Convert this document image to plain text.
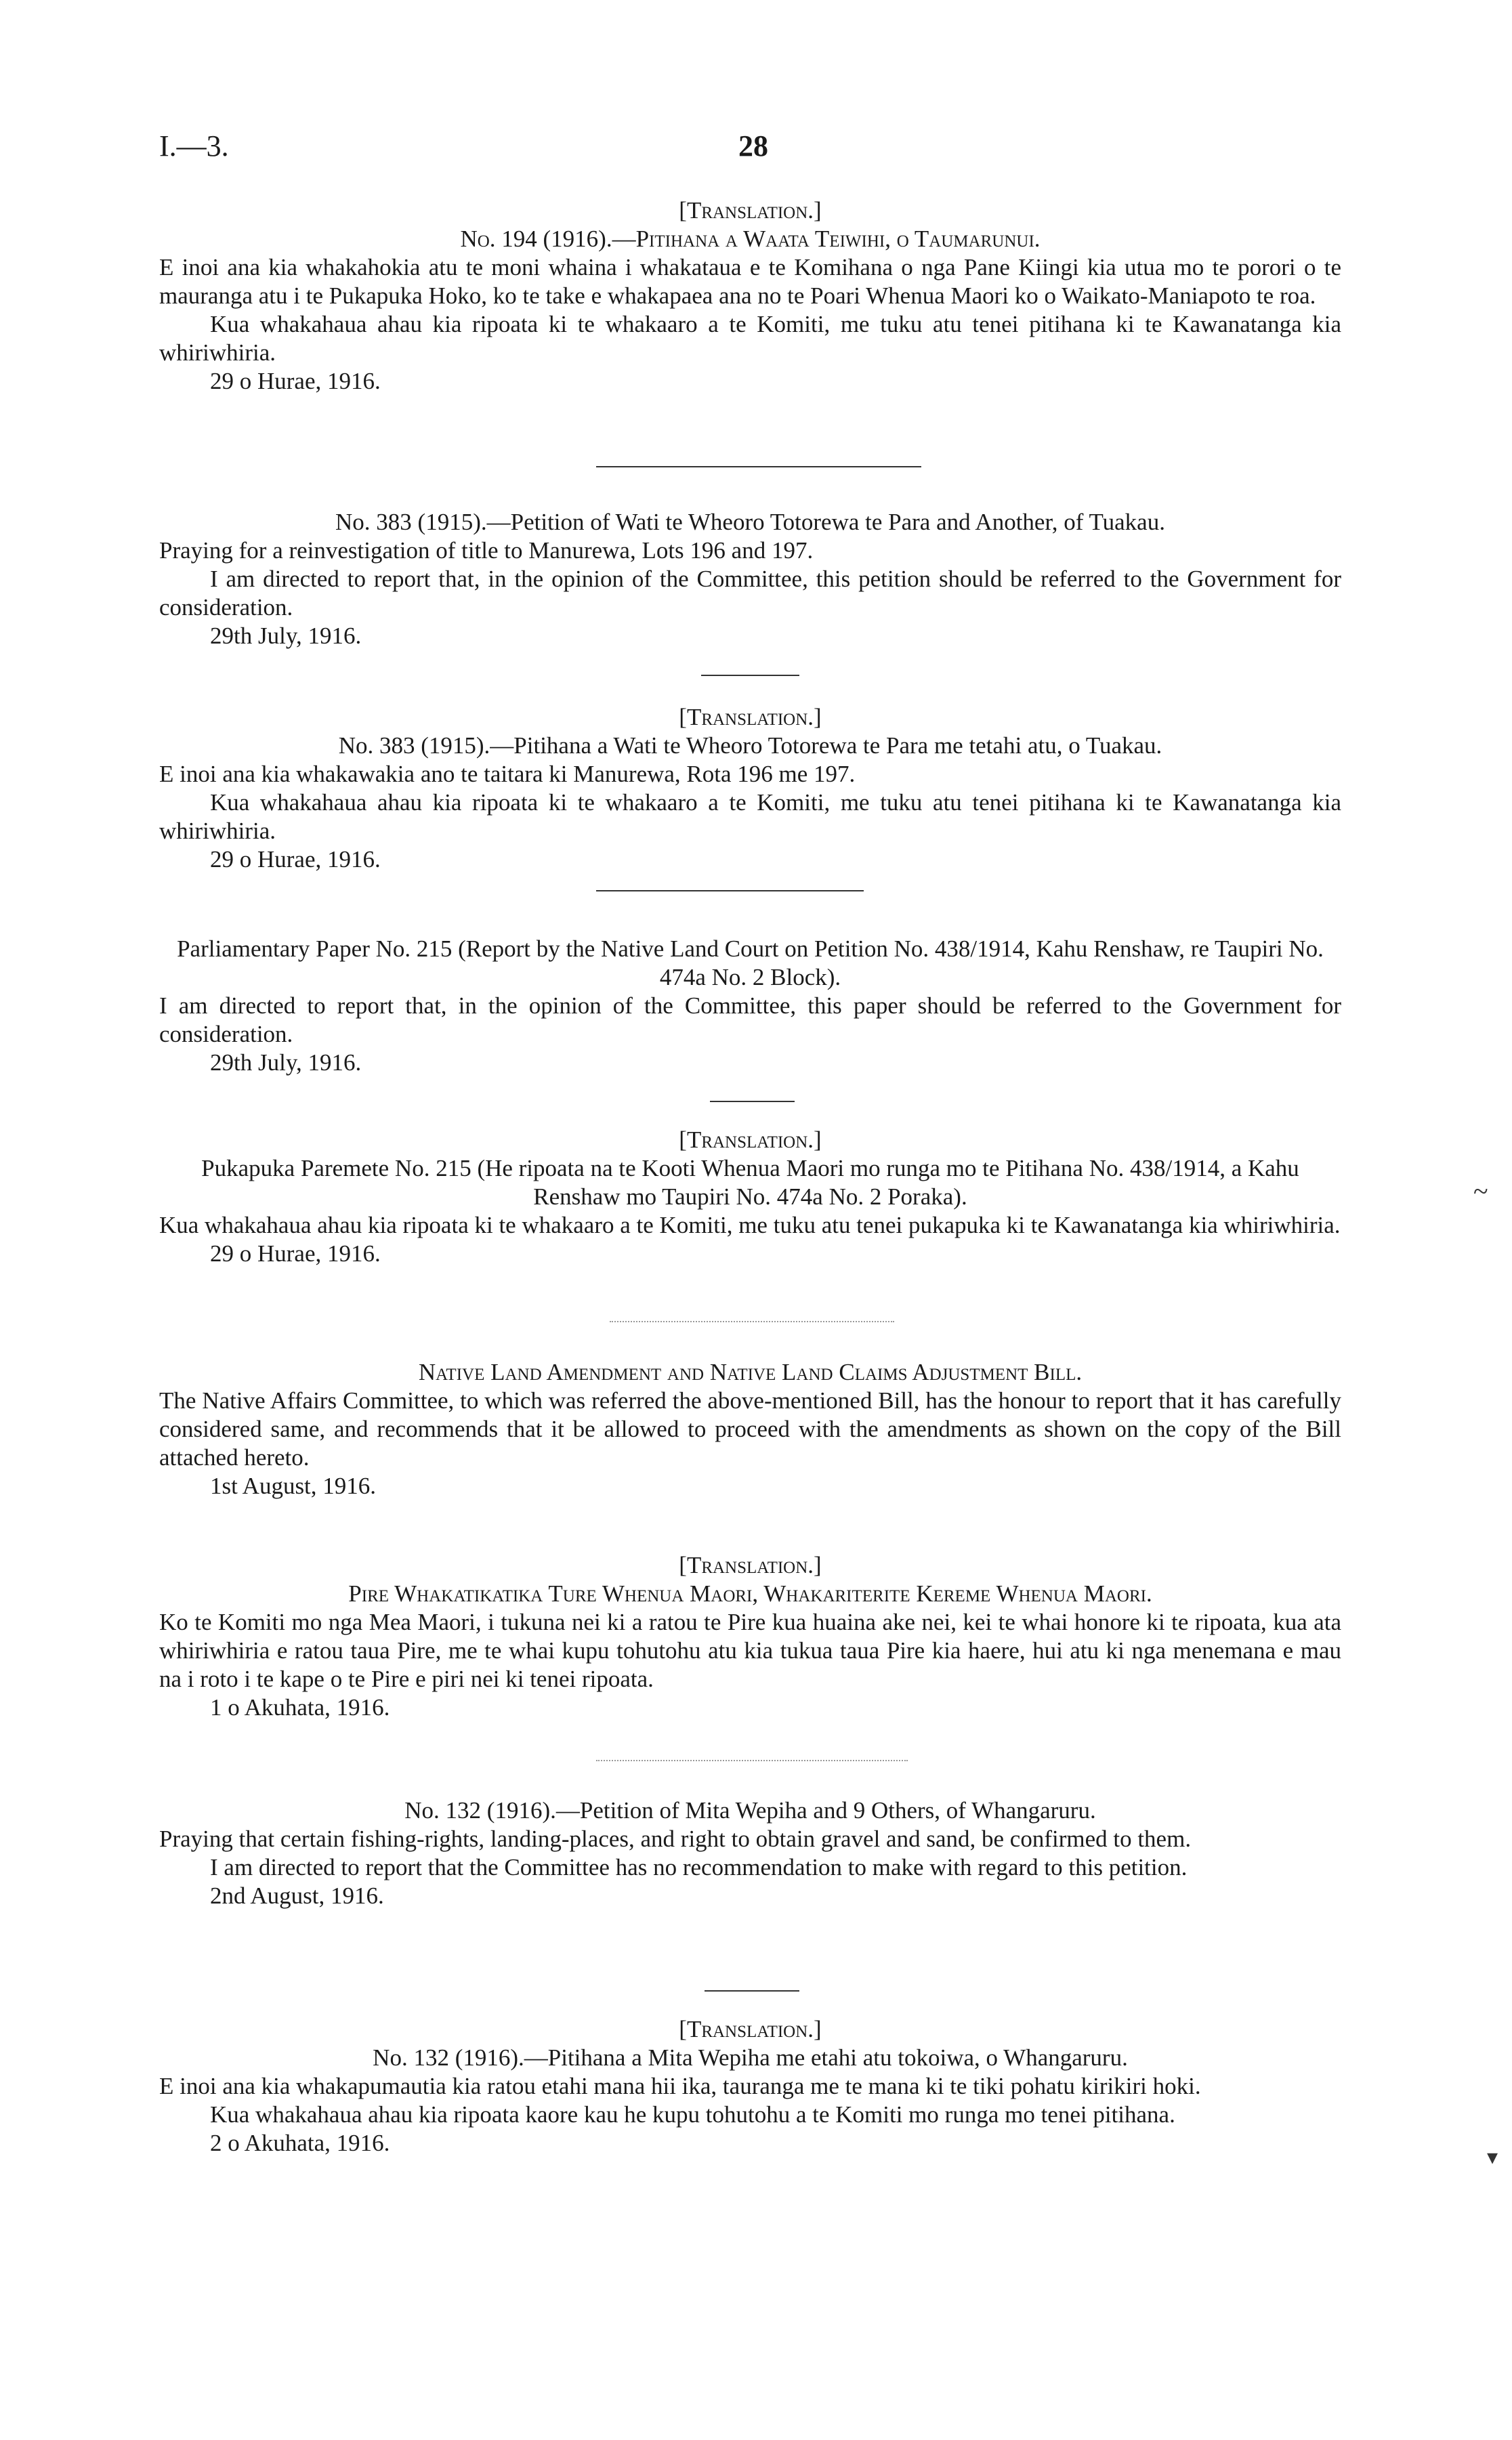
I.—3.	28
[Translation.]
No. 194 (1916).—Pitihana a Waata Teiwihi, o Taumarunui.

E inoi ana kia whakahokia atu te moni whaina i whakataua e te Komihana o nga Pane Kiingi kia utua mo te porori o te mauranga atu i te Pukapuka Hoko, ko te take e whakapaea ana no te Poari Whenua Maori ko o Waikato-Maniapoto te roa.

Kua whakahaua ahau kia ripoata ki te whakaaro a te Komiti, me tuku atu tenei pitihana ki te Kawanatanga kia whiriwhiria.

29 o Hurae, 1916.

No. 383 (1915).—Petition of Wati te Wheoro Totorewa te Para and Another, of Tuakau.

Praying for a reinvestigation of title to Manurewa, Lots 196 and 197.

I am directed to report that, in the opinion of the Committee, this petition should be referred to the Government for consideration.

29th July, 1916.

[Translation.]
No. 383 (1915).—Pitihana a Wati te Wheoro Totorewa te Para me tetahi atu, o Tuakau.

E inoi ana kia whakawakia ano te taitara ki Manurewa, Rota 196 me 197.

Kua whakahaua ahau kia ripoata ki te whakaaro a te Komiti, me tuku atu tenei pitihana ki te Kawanatanga kia whiriwhiria.

29 o Hurae, 1916.

Parliamentary Paper No. 215 (Report by the Native Land Court on Petition No. 438/1914, Kahu Renshaw, re Taupiri No. 474a No. 2 Block).

I am directed to report that, in the opinion of the Committee, this paper should be referred to the Government for consideration.

29th July, 1916.

[Translation.]
Pukapuka Paremete No. 215 (He ripoata na te Kooti Whenua Maori mo runga mo te Pitihana No. 438/1914, a Kahu Renshaw mo Taupiri No. 474a No. 2 Poraka).

Kua whakahaua ahau kia ripoata ki te whakaaro a te Komiti, me tuku atu tenei pukapuka ki te Kawanatanga kia whiriwhiria.

29 o Hurae, 1916.

~
Native Land Amendment and Native Land Claims Adjustment Bill.

The Native Affairs Committee, to which was referred the above-mentioned Bill, has the honour to report that it has carefully considered same, and recommends that it be allowed to proceed with the amendments as shown on the copy of the Bill attached hereto.

1st August, 1916.

[Translation.]
Pire Whakatikatika Ture Whenua Maori, Whakariterite Kereme Whenua Maori.

Ko te Komiti mo nga Mea Maori, i tukuna nei ki a ratou te Pire kua huaina ake nei, kei te whai honore ki te ripoata, kua ata whiriwhiria e ratou taua Pire, me te whai kupu tohutohu atu kia tukua taua Pire kia haere, hui atu ki nga menemana e mau na i roto i te kape o te Pire e piri nei ki tenei ripoata.

1 o Akuhata, 1916.

No. 132 (1916).—Petition of Mita Wepiha and 9 Others, of Whangaruru.

Praying that certain fishing-rights, landing-places, and right to obtain gravel and sand, be confirmed to them.

I am directed to report that the Committee has no recommendation to make with regard to this petition.

2nd August, 1916.

[Translation.]
No. 132 (1916).—Pitihana a Mita Wepiha me etahi atu tokoiwa, o Whangaruru.

E inoi ana kia whakapumautia kia ratou etahi mana hii ika, tauranga me te mana ki te tiki pohatu kirikiri hoki.

Kua whakahaua ahau kia ripoata kaore kau he kupu tohutohu a te Komiti mo runga mo tenei pitihana.

2 o Akuhata, 1916.

▾
